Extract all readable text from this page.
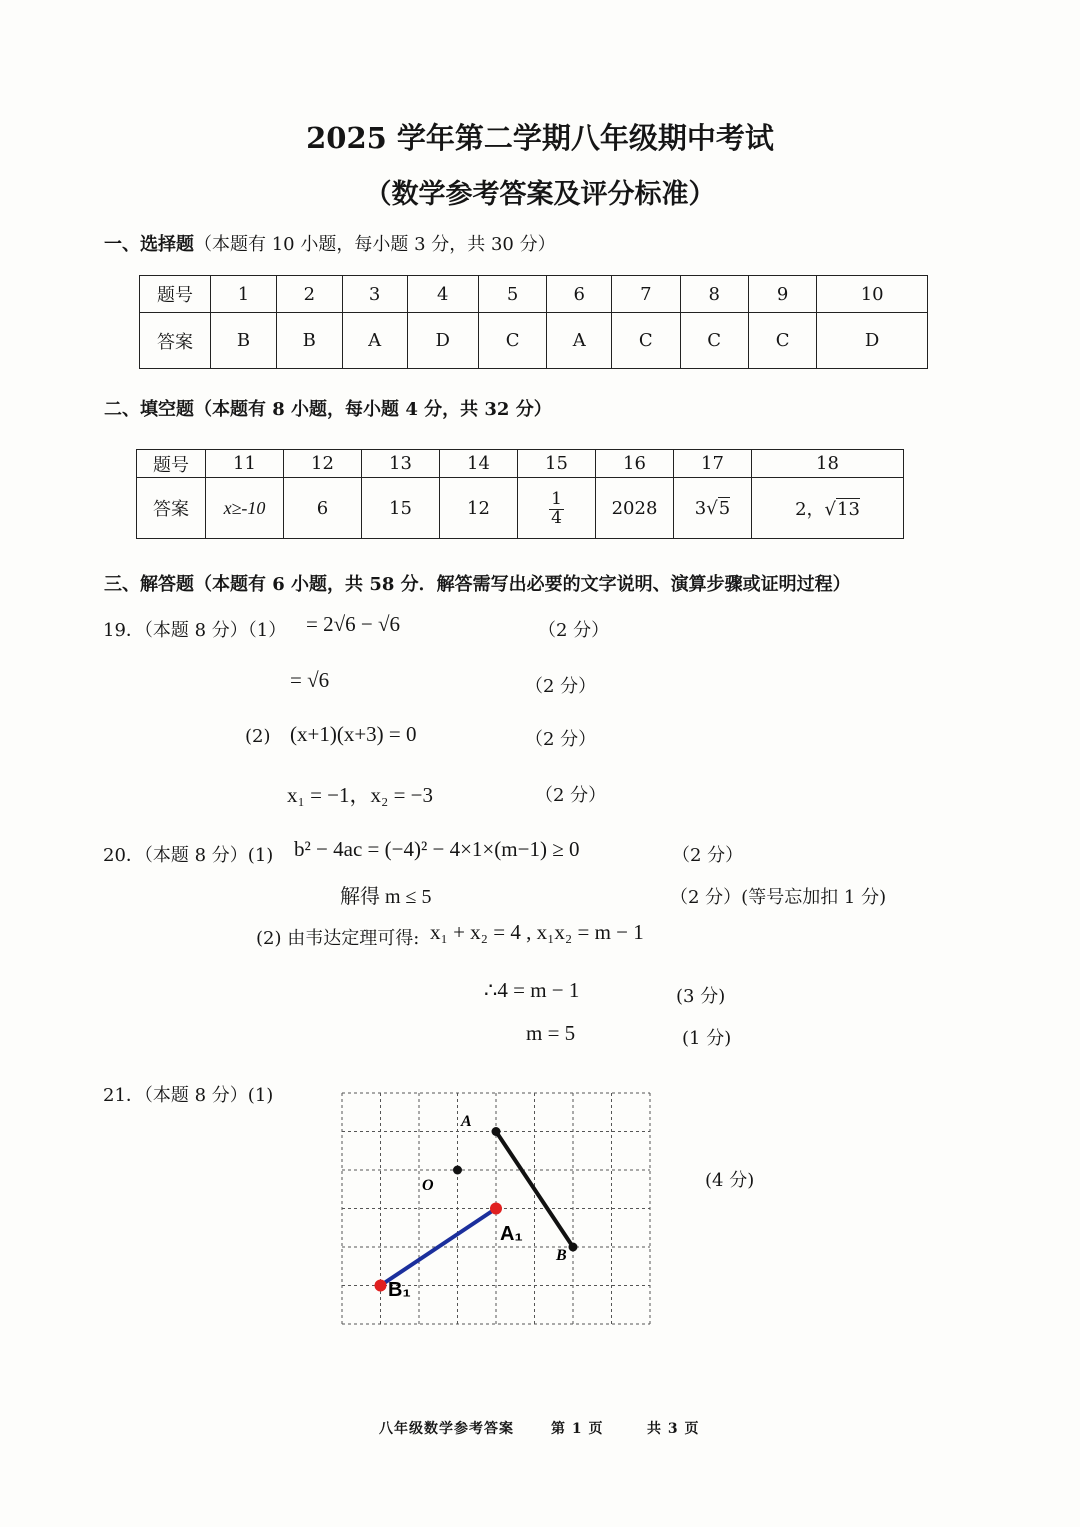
2025 学年第二学期八年级期中考试
（数学参考答案及评分标准）
一、选择题（本题有 10 小题，每小题 3 分，共 30 分）
题号	1	2	3	4	5	6	7	8	9	10
答案	B	B	A	D	C	A	C	C	C	D
二、填空题（本题有 8 小题，每小题 4 分，共 32 分）
题号	11	12	13	14	15	16	17	18
答案	x≥-10	6	15	12	$\frac{1}{4}$	2028	3√5	2，√13
三、解答题（本题有 6 小题，共 58 分．解答需写出必要的文字说明、演算步骤或证明过程）
19．（本题 8 分）（1） = 2√6 − √6	（2 分）
= √6	（2 分）
(2) (x+1)(x+3) = 0	（2 分）
x₁ = −1，x₂ = −3	（2 分）
20．（本题 8 分）(1) b² − 4ac = (−4)² − 4×1×(m−1) ≥ 0	（2 分）
解得 m ≤ 5	（2 分）(等号忘加扣 1 分)
(2) 由韦达定理可得: x₁ + x₂ = 4 , x₁x₂ = m − 1
∴4 = m − 1	(3 分)
m = 5	(1 分)
21．（本题 8 分）(1)
(4 分)
A
O
B
A₁
B₁
八年级数学参考答案	第 1 页	共 3 页
